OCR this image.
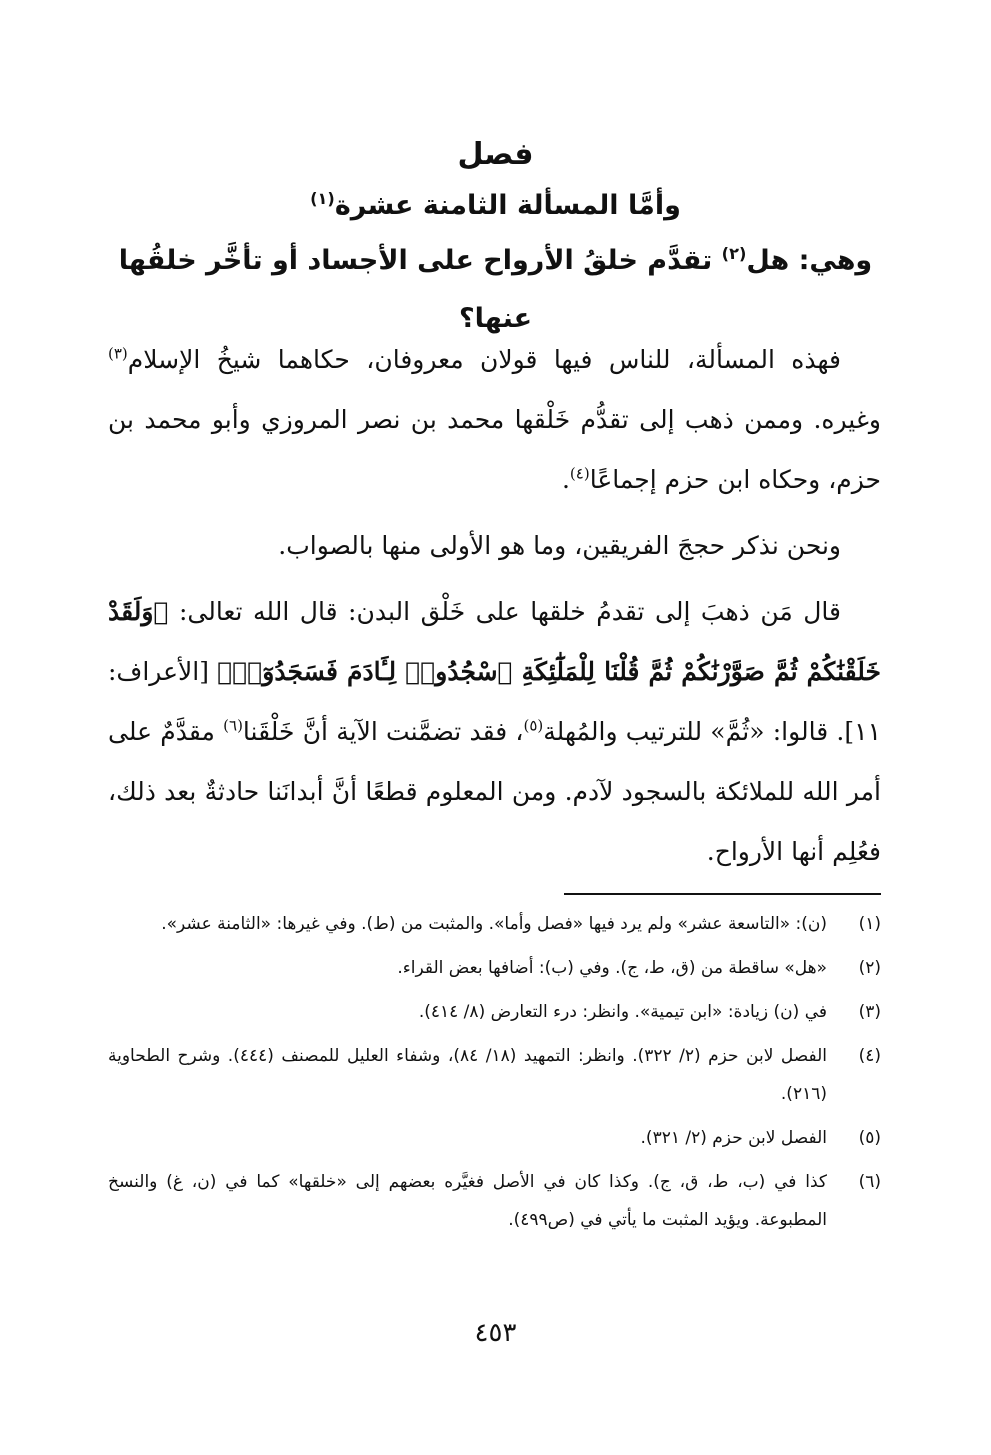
فصل

وأمَّا المسألة الثامنة عشرة$^{(١)}$

وهي: هل$^{(٢)}$ تقدَّم خلقُ الأرواح على الأجساد أو تأخَّر خلقُها عنها؟

فهذه المسألة، للناس فيها قولان معروفان، حكاهما شيخُ الإسلام$^{(٣)}$ وغيره. وممن ذهب إلى تقدُّم خَلْقها محمد بن نصر المروزي وأبو محمد بن حزم، وحكاه ابن حزم إجماعًا$^{(٤)}$.

ونحن نذكر حججَ الفريقين، وما هو الأولى منها بالصواب.

قال مَن ذهبَ إلى تقدمُ خلقها على خَلْق البدن: قال الله تعالى: ﴿وَلَقَدْ خَلَقْنَٰكُمْ ثُمَّ صَوَّرْنَٰكُمْ ثُمَّ قُلْنَا لِلْمَلَٰٓئِكَةِ ٱسْجُدُوا۟ لِـَٔادَمَ فَسَجَدُوٓا۟﴾ [الأعراف: ١١]. قالوا: «ثُمَّ» للترتيب والمُهلة$^{(٥)}$، فقد تضمَّنت الآية أنَّ خَلْقَنا$^{(٦)}$ مقدَّمٌ على أمر الله للملائكة بالسجود لآدم. ومن المعلوم قطعًا أنَّ أبدانَنا حادثةٌ بعد ذلك، فعُلِم أنها الأرواح.

(١)
(ن): «التاسعة عشر» ولم يرد فيها «فصل وأما». والمثبت من (ط). وفي غيرها: «الثامنة عشر».
(٢)
«هل» ساقطة من (ق، ط، ج). وفي (ب): أضافها بعض القراء.
(٣)
في (ن) زيادة: «ابن تيمية». وانظر: درء التعارض (٨/ ٤١٤).
(٤)
الفصل لابن حزم (٢/ ٣٢٢). وانظر: التمهيد (١٨/ ٨٤)، وشفاء العليل للمصنف (٤٤٤). وشرح الطحاوية (٢١٦).
(٥)
الفصل لابن حزم (٢/ ٣٢١).
(٦)
كذا في (ب، ط، ق، ج). وكذا كان في الأصل فغيَّره بعضهم إلى «خلقها» كما في (ن، غ) والنسخ المطبوعة. ويؤيد المثبت ما يأتي في (ص٤٩٩).
٤٥٣
